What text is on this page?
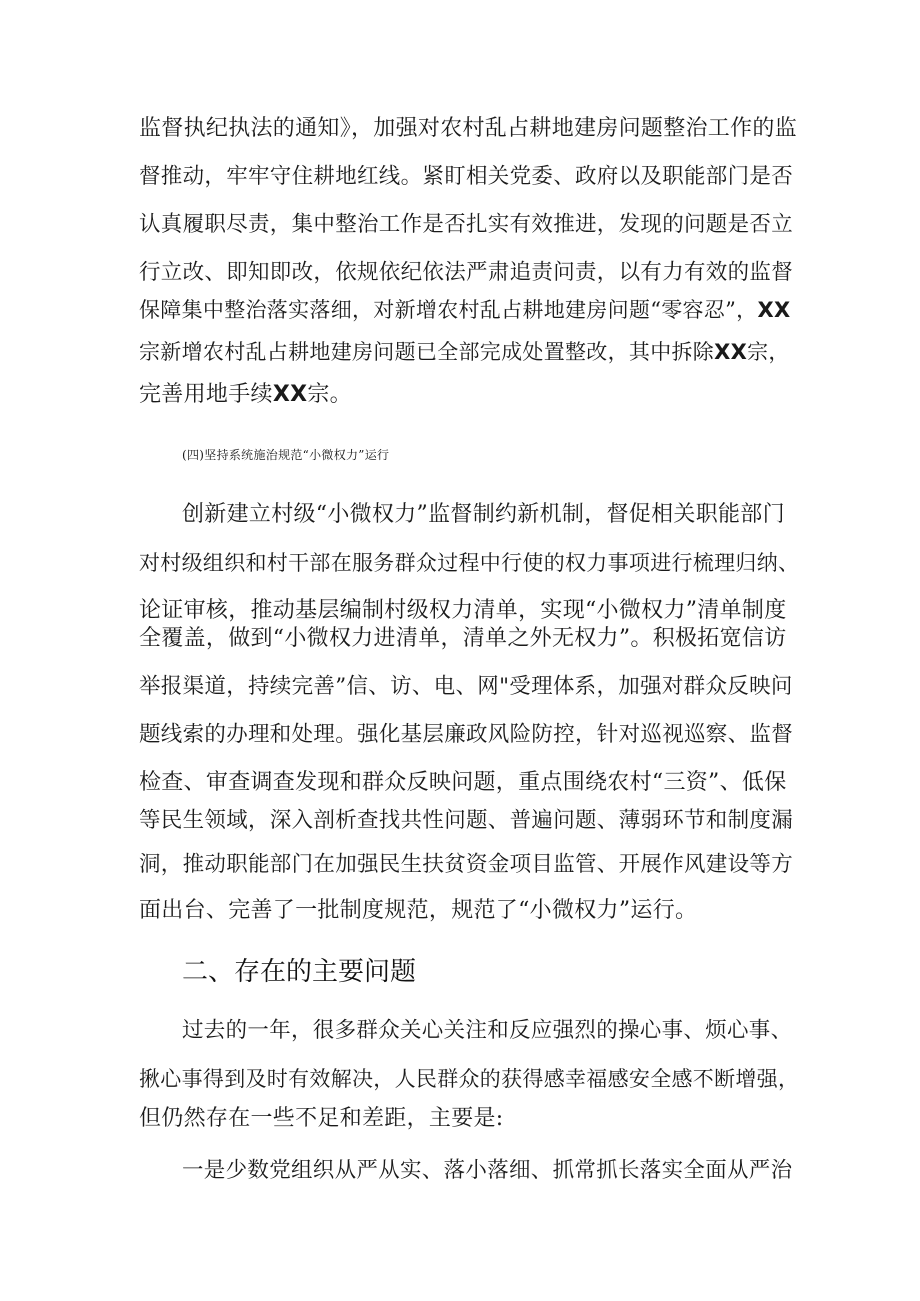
监督执纪执法的通知》，加强对农村乱占耕地建房问题整治工作的监
督推动，牢牢守住耕地红线。紧盯相关党委、政府以及职能部门是否
认真履职尽责，集中整治工作是否扎实有效推进，发现的问题是否立
行立改、即知即改，依规依纪依法严肃追责问责，以有力有效的监督
保障集中整治落实落细，对新增农村乱占耕地建房问题“零容忍”，XX
宗新增农村乱占耕地建房问题已全部完成处置整改，其中拆除XX宗，
完善用地手续XX宗。
(四)坚持系统施治规范“小微权力”运行
创新建立村级“小微权力”监督制约新机制，督促相关职能部门
对村级组织和村干部在服务群众过程中行使的权力事项进行梳理归纳、
论证审核，推动基层编制村级权力清单，实现“小微权力”清单制度
全覆盖，做到“小微权力进清单，清单之外无权力”。积极拓宽信访
举报渠道，持续完善”信、访、电、网"受理体系，加强对群众反映问
题线索的办理和处理。强化基层廉政风险防控，针对巡视巡察、监督
检查、审查调查发现和群众反映问题，重点围绕农村“三资”、低保
等民生领域，深入剖析查找共性问题、普遍问题、薄弱环节和制度漏
洞，推动职能部门在加强民生扶贫资金项目监管、开展作风建设等方
面出台、完善了一批制度规范，规范了“小微权力”运行。
二、存在的主要问题
过去的一年，很多群众关心关注和反应强烈的操心事、烦心事、
揪心事得到及时有效解决，人民群众的获得感幸福感安全感不断增强，
但仍然存在一些不足和差距，主要是:
一是少数党组织从严从实、落小落细、抓常抓长落实全面从严治
